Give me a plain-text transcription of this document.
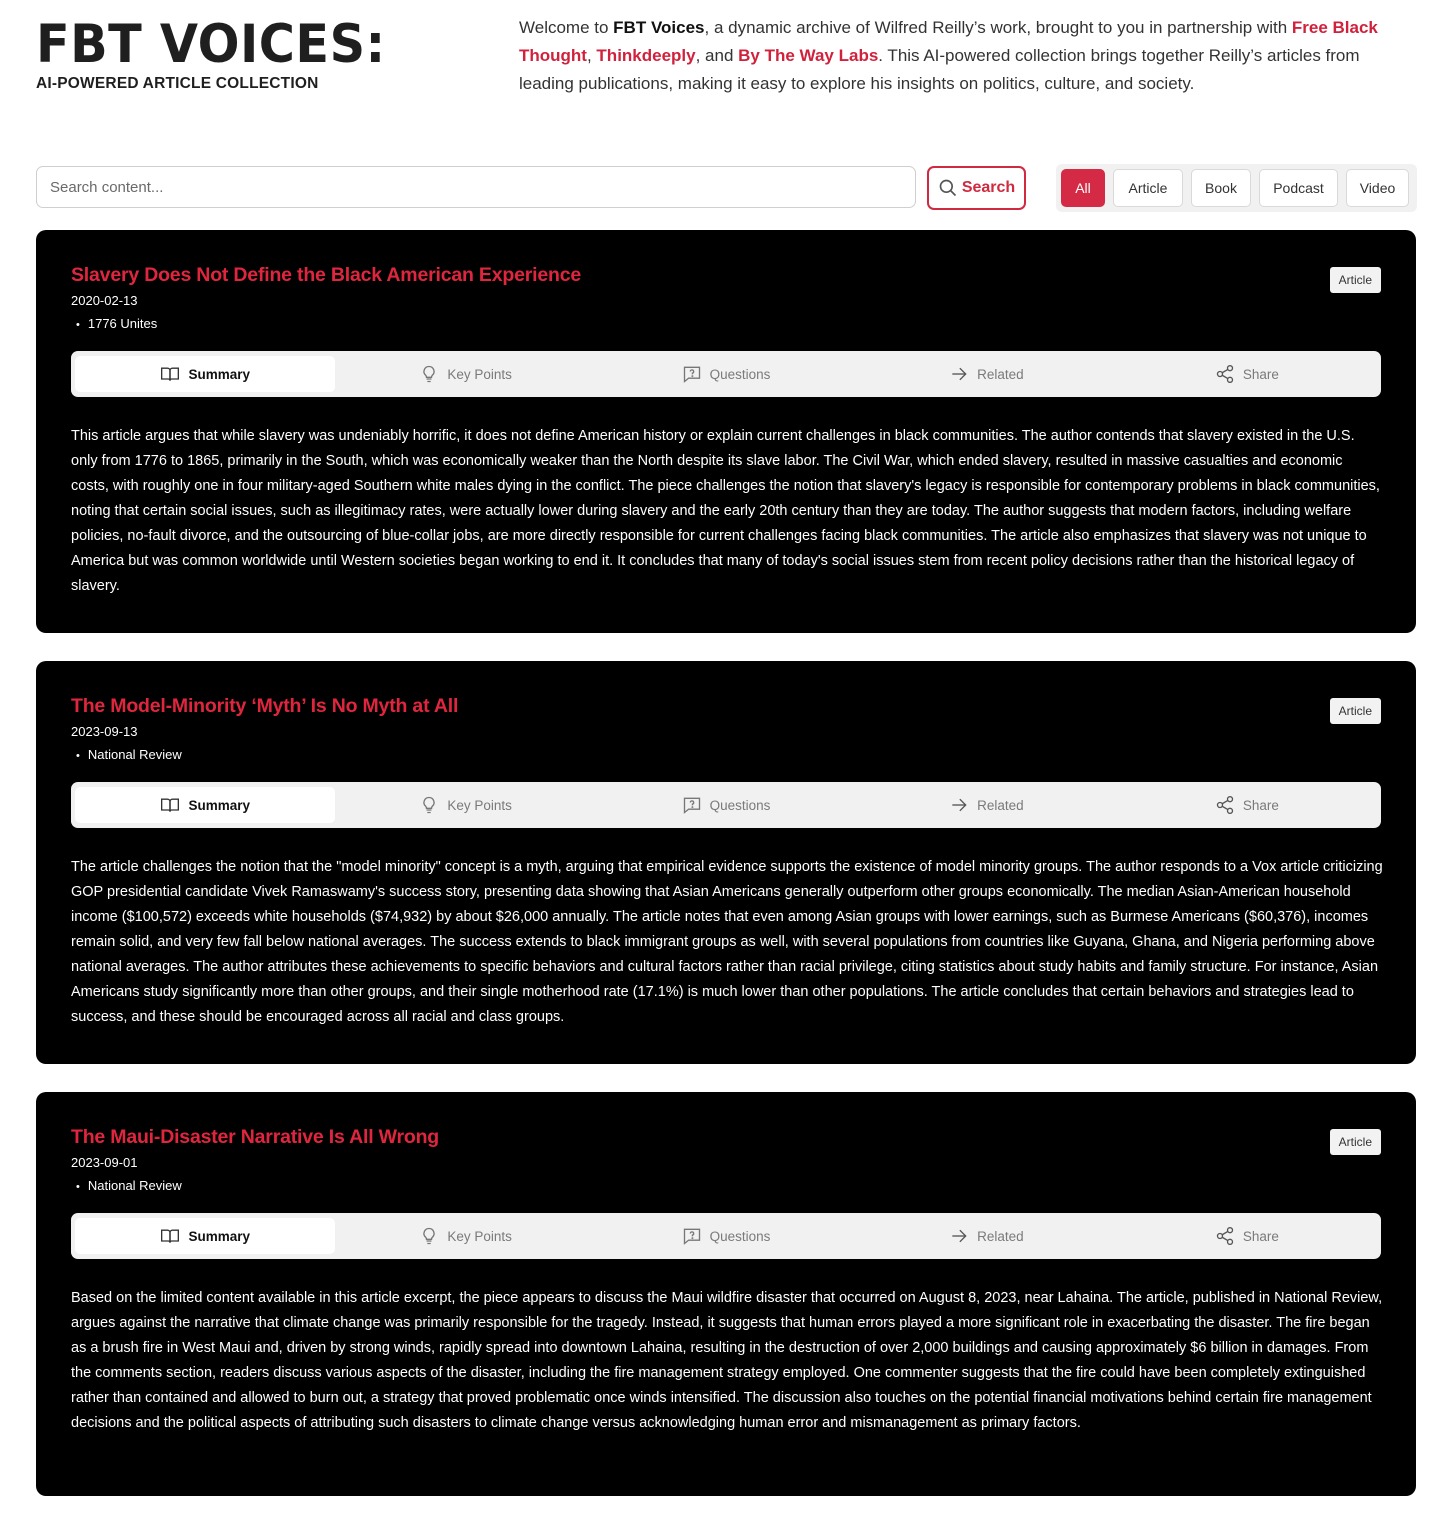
FBT VOICES:
AI-POWERED ARTICLE COLLECTION
Welcome to FBT Voices, a dynamic archive of Wilfred Reilly’s work, brought to you in partnership with Free Black Thought, Thinkdeeply, and By The Way Labs. This AI-powered collection brings together Reilly’s articles from leading publications, making it easy to explore his insights on politics, culture, and society.
Search content...
Search	All	Article	Book	Podcast	Video
Slavery Does Not Define the Black American Experience
2020-02-13
• 1776 Unites
Article
Summary	Key Points	Questions	Related	Share
This article argues that while slavery was undeniably horrific, it does not define American history or explain current challenges in black communities. The author contends that slavery existed in the U.S. only from 1776 to 1865, primarily in the South, which was economically weaker than the North despite its slave labor. The Civil War, which ended slavery, resulted in massive casualties and economic costs, with roughly one in four military-aged Southern white males dying in the conflict. The piece challenges the notion that slavery's legacy is responsible for contemporary problems in black communities, noting that certain social issues, such as illegitimacy rates, were actually lower during slavery and the early 20th century than they are today. The author suggests that modern factors, including welfare policies, no-fault divorce, and the outsourcing of blue-collar jobs, are more directly responsible for current challenges facing black communities. The article also emphasizes that slavery was not unique to America but was common worldwide until Western societies began working to end it. It concludes that many of today's social issues stem from recent policy decisions rather than the historical legacy of slavery.
The Model-Minority ‘Myth’ Is No Myth at All
2023-09-13
• National Review
Article
Summary	Key Points	Questions	Related	Share
The article challenges the notion that the "model minority" concept is a myth, arguing that empirical evidence supports the existence of model minority groups. The author responds to a Vox article criticizing GOP presidential candidate Vivek Ramaswamy's success story, presenting data showing that Asian Americans generally outperform other groups economically. The median Asian-American household income ($100,572) exceeds white households ($74,932) by about $26,000 annually. The article notes that even among Asian groups with lower earnings, such as Burmese Americans ($60,376), incomes remain solid, and very few fall below national averages. The success extends to black immigrant groups as well, with several populations from countries like Guyana, Ghana, and Nigeria performing above national averages. The author attributes these achievements to specific behaviors and cultural factors rather than racial privilege, citing statistics about study habits and family structure. For instance, Asian Americans study significantly more than other groups, and their single motherhood rate (17.1%) is much lower than other populations. The article concludes that certain behaviors and strategies lead to success, and these should be encouraged across all racial and class groups.
The Maui-Disaster Narrative Is All Wrong
2023-09-01
• National Review
Article
Summary	Key Points	Questions	Related	Share
Based on the limited content available in this article excerpt, the piece appears to discuss the Maui wildfire disaster that occurred on August 8, 2023, near Lahaina. The article, published in National Review, argues against the narrative that climate change was primarily responsible for the tragedy. Instead, it suggests that human errors played a more significant role in exacerbating the disaster. The fire began as a brush fire in West Maui and, driven by strong winds, rapidly spread into downtown Lahaina, resulting in the destruction of over 2,000 buildings and causing approximately $6 billion in damages. From the comments section, readers discuss various aspects of the disaster, including the fire management strategy employed. One commenter suggests that the fire could have been completely extinguished rather than contained and allowed to burn out, a strategy that proved problematic once winds intensified. The discussion also touches on the potential financial motivations behind certain fire management decisions and the political aspects of attributing such disasters to climate change versus acknowledging human error and mismanagement as primary factors.
